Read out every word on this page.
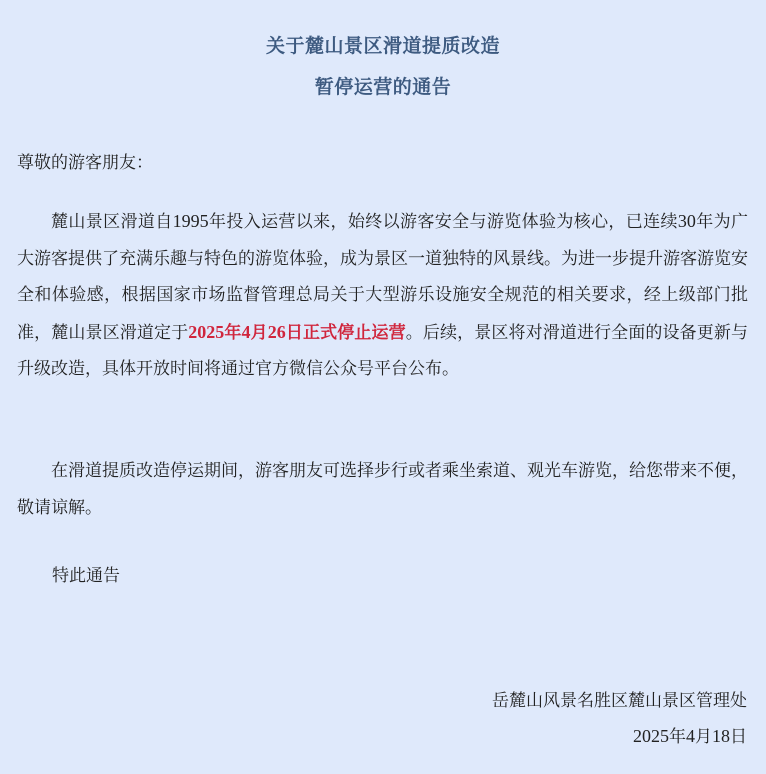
关于麓山景区滑道提质改造
暂停运营的通告
尊敬的游客朋友：
麓山景区滑道自1995年投入运营以来，始终以游客安全与游览体验为核心，已连续30年为广大游客提供了充满乐趣与特色的游览体验，成为景区一道独特的风景线。为进一步提升游客游览安全和体验感，根据国家市场监督管理总局关于大型游乐设施安全规范的相关要求，经上级部门批准，麓山景区滑道定于2025年4月26日正式停止运营。后续，景区将对滑道进行全面的设备更新与升级改造，具体开放时间将通过官方微信公众号平台公布。
在滑道提质改造停运期间，游客朋友可选择步行或者乘坐索道、观光车游览，给您带来不便，敬请谅解。
特此通告
岳麓山风景名胜区麓山景区管理处
2025年4月18日
